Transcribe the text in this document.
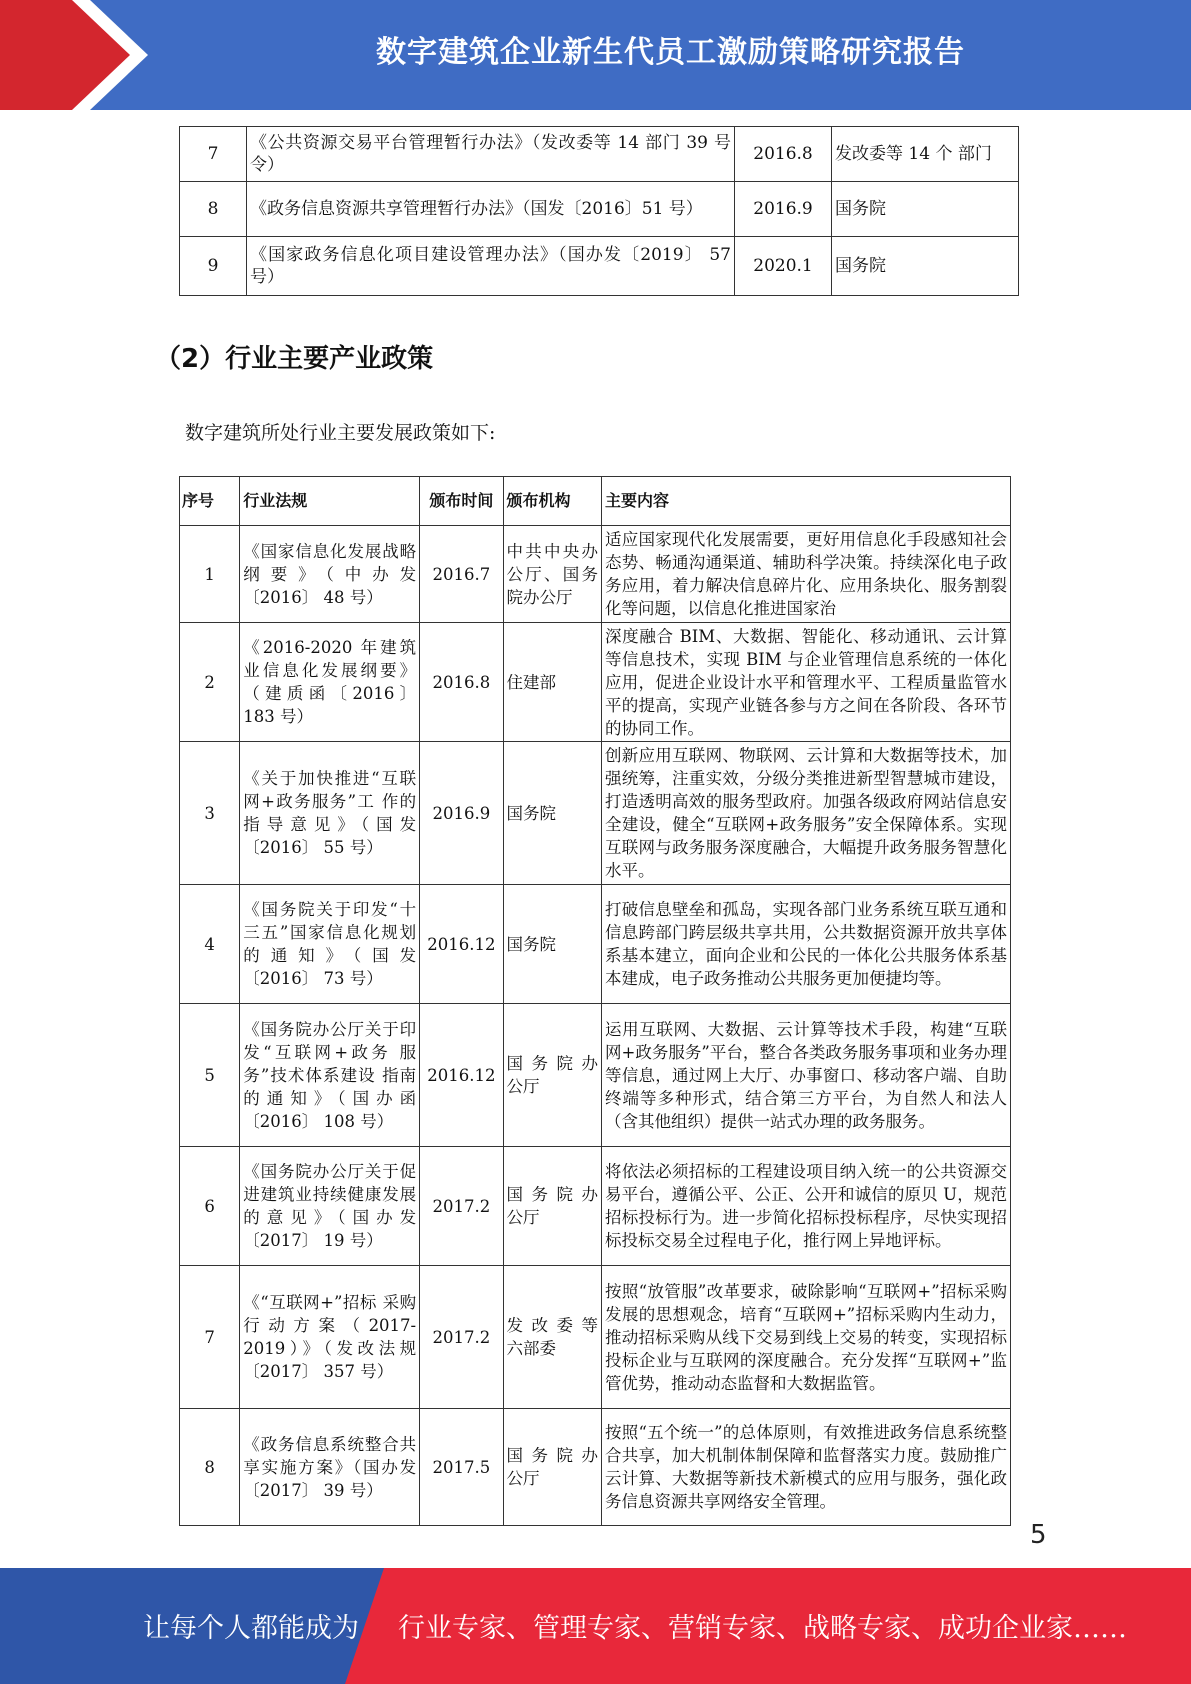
数字建筑企业新生代员工激励策略研究报告
7	《公共资源交易平台管理暂行办法》（发改委等 14 部门 39 号令）	2016.8	发改委等 14 个 部门
8	《政务信息资源共享管理暂行办法》（国发〔2016〕51 号）	2016.9	国务院
9	《国家政务信息化项目建设管理办法》（国办发〔2019〕 57 号）	2020.1	国务院
（2）行业主要产业政策
数字建筑所处行业主要发展政策如下:
序号	行业法规	颁布时间	颁布机构	主要内容
1	《国家信息化发展战略纲要》（中办发〔2016〕 48 号）	2016.7	中共中央办公厅、国务院办公厅	适应国家现代化发展需要，更好用信息化手段感知社会态势、畅通沟通渠道、辅助科学决策。持续深化电子政务应用，着力解决信息碎片化、应用条块化、服务割裂化等问题，以信息化推进国家治
2	《2016-2020 年建筑 业信息化发展纲要》（建质函〔2016〕 183 号）	2016.8	住建部	深度融合 BIM、大数据、智能化、移动通讯、云计算等信息技术，实现 BIM 与企业管理信息系统的一体化应用，促进企业设计水平和管理水平、工程质量监管水平的提高，实现产业链各参与方之间在各阶段、各环节的协同工作。
3	《关于加快推进“互联网+政务服务”工 作的指导意见》（国发〔2016〕 55 号）	2016.9	国务院	创新应用互联网、物联网、云计算和大数据等技术，加强统筹，注重实效，分级分类推进新型智慧城市建设，打造透明高效的服务型政府。加强各级政府网站信息安全建设，健全“互联网+政务服务”安全保障体系。实现互联网与政务服务深度融合，大幅提升政务服务智慧化水平。
4	《国务院关于印发“十三五”国家信息化规划的通知》（国发〔2016〕 73 号）	2016.12	国务院	打破信息壁垒和孤岛，实现各部门业务系统互联互通和信息跨部门跨层级共享共用，公共数据资源开放共享体系基本建立，面向企业和公民的一体化公共服务体系基本建成，电子政务推动公共服务更加便捷均等。
5	《国务院办公厅关于印发“互联网+政务 服务”技术体系建设 指南的通知》（国办函〔2016〕 108 号）	2016.12	国 务 院 办公厅	运用互联网、大数据、云计算等技术手段，构建“互联网+政务服务”平台，整合各类政务服务事项和业务办理等信息，通过网上大厅、办事窗口、移动客户端、自助终端等多种形式，结合第三方平台，为自然人和法人（含其他组织）提供一站式办理的政务服务。
6	《国务院办公厅关于促进建筑业持续健康发展的意见》（国办发〔2017〕 19 号）	2017.2	国 务 院 办公厅	将依法必须招标的工程建设项目纳入统一的公共资源交易平台，遵循公平、公正、公开和诚信的原贝 U，规范招标投标行为。进一步简化招标投标程序，尽快实现招标投标交易全过程电子化，推行网上异地评标。
7	《“互联网+”招标 采购行动方案（2017-2019）》（发改法规〔2017〕 357 号）	2017.2	发 改 委 等六部委	按照“放管服”改革要求，破除影响“互联网+”招标采购发展的思想观念，培育“互联网+”招标采购内生动力，推动招标采购从线下交易到线上交易的转变，实现招标投标企业与互联网的深度融合。充分发挥“互联网+”监管优势，推动动态监督和大数据监管。
8	《政务信息系统整合共享实施方案》（国办发〔2017〕 39 号）	2017.5	国 务 院 办公厅	按照“五个统一”的总体原则，有效推进政务信息系统整合共享，加大机制体制保障和监督落实力度。鼓励推广云计算、大数据等新技术新模式的应用与服务，强化政务信息资源共享网络安全管理。
5
让每个人都能成为 行业专家、管理专家、营销专家、战略专家、成功企业家……
